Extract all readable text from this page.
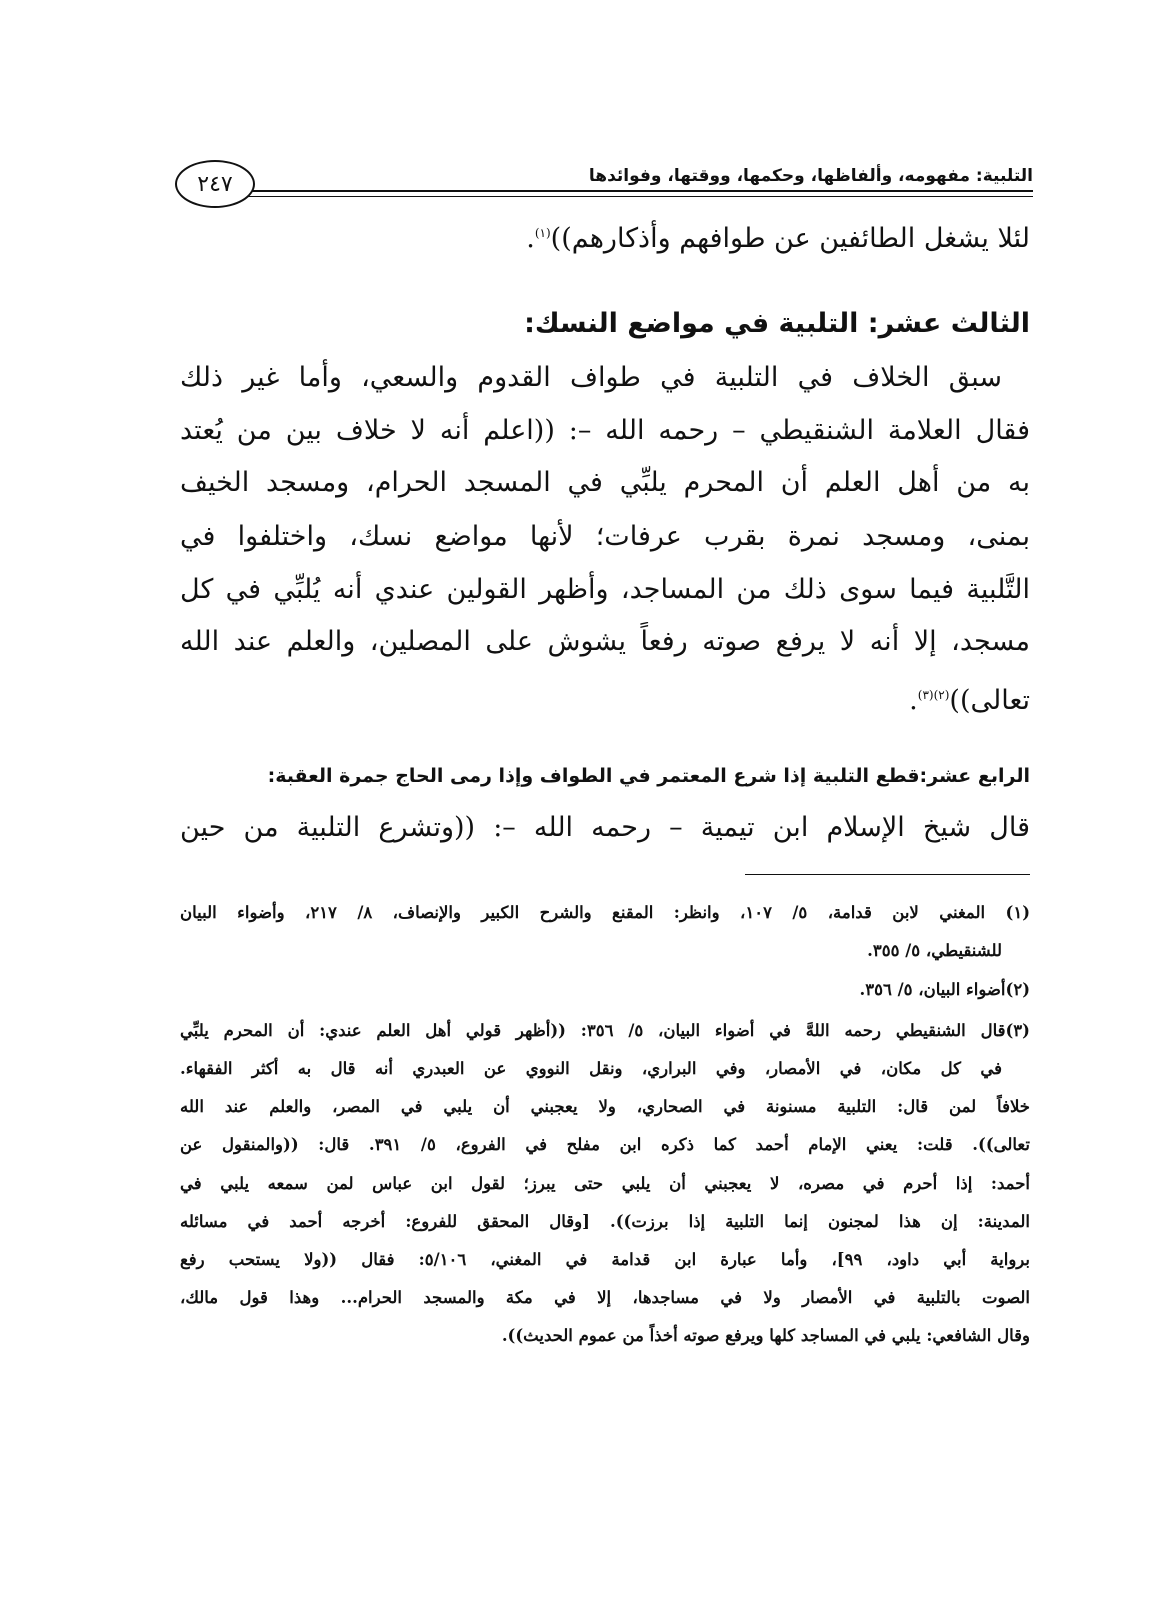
٢٤٧	التلبية: مفهومه، وألفاظها، وحكمها، ووقتها، وفوائدها
لئلا يشغل الطائفين عن طوافهم وأذكارهم))$^{(١)}$.
الثالث عشر: التلبية في مواضع النسك:
سبق الخلاف في التلبية في طواف القدوم والسعي، وأما غير ذلك
فقال العلامة الشنقيطي – رحمه الله –: ((اعلم أنه لا خلاف بين من يُعتد
به من أهل العلم أن المحرم يلبِّي في المسجد الحرام، ومسجد الخيف
بمنى، ومسجد نمرة بقرب عرفات؛ لأنها مواضع نسك، واختلفوا في
التَّلبية فيما سوى ذلك من المساجد، وأظهر القولين عندي أنه يُلبِّي في كل
مسجد، إلا أنه لا يرفع صوته رفعاً يشوش على المصلين، والعلم عند الله
تعالى))$^{(٢)(٣)}$.
الرابع عشر:قطع التلبية إذا شرع المعتمر في الطواف وإذا رمى الحاج جمرة العقبة:
قال شيخ الإسلام ابن تيمية – رحمه الله –: ((وتشرع التلبية من حين
(١) المغني لابن قدامة، ٥/ ١٠٧، وانظر: المقنع والشرح الكبير والإنصاف، ٨/ ٢١٧، وأضواء البيان
للشنقيطي، ٥/ ٣٥٥.
(٢)أضواء البيان، ٥/ ٣٥٦.
(٣)قال الشنقيطي رحمه اللهَّ في أضواء البيان، ٥/ ٣٥٦: ((أظهر قولي أهل العلم عندي: أن المحرم يلبِّي
في كل مكان، في الأمصار، وفي البراري، ونقل النووي عن العبدري أنه قال به أكثر الفقهاء.
خلافاً لمن قال: التلبية مسنونة في الصحاري، ولا يعجبني أن يلبي في المصر، والعلم عند الله
تعالى)). قلت: يعني الإمام أحمد كما ذكره ابن مفلح في الفروع، ٥/ ٣٩١. قال: ((والمنقول عن
أحمد: إذا أحرم في مصره، لا يعجبني أن يلبي حتى يبرز؛ لقول ابن عباس لمن سمعه يلبي في
المدينة: إن هذا لمجنون إنما التلبية إذا برزت)). [وقال المحقق للفروع: أخرجه أحمد في مسائله
برواية أبي داود، ٩٩]، وأما عبارة ابن قدامة في المغني، ٥/١٠٦: فقال ((ولا يستحب رفع
الصوت بالتلبية في الأمصار ولا في مساجدها، إلا في مكة والمسجد الحرام... وهذا قول مالك،
وقال الشافعي: يلبي في المساجد كلها ويرفع صوته أخذاً من عموم الحديث)).
